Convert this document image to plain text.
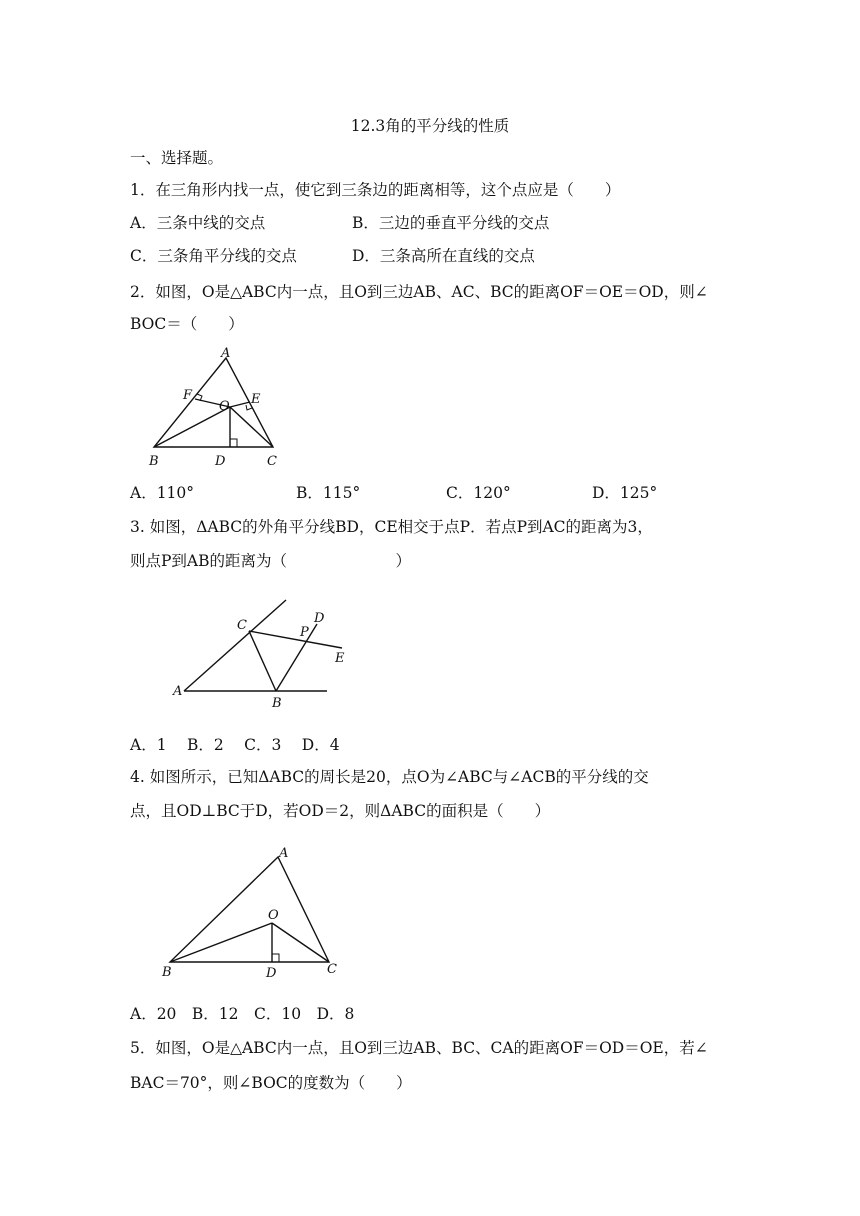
12.3角的平分线的性质
一、选择题。
1．在三角形内找一点，使它到三条边的距离相等，这个点应是（　　）
A．三条中线的交点	B．三边的垂直平分线的交点
C．三条角平分线的交点	D．三条高所在直线的交点
2．如图，O是△ABC内一点，且O到三边AB、AC、BC的距离OF＝OE＝OD，则∠
BOC＝（　　）
A
F
O E
B	D	C
A．110°	B．115°	C．120°	D．125°
3. 如图，ΔABC的外角平分线BD，CE相交于点P．若点P到AC的距离为3，
则点P到AB的距离为（　　　　　　　）
A
B
C	D
P
E
A．1　 B．2　 C．3　 D．4
4. 如图所示，已知ΔABC的周长是20，点O为∠ABC与∠ACB的平分线的交
点，且OD⊥BC于D，若OD＝2，则ΔABC的面积是（　　）
A
O
B	D	C
A．20　B．12　C．10　D．8
5．如图，O是△ABC内一点，且O到三边AB、BC、CA的距离OF＝OD＝OE，若∠
BAC＝70°，则∠BOC的度数为（　　）
